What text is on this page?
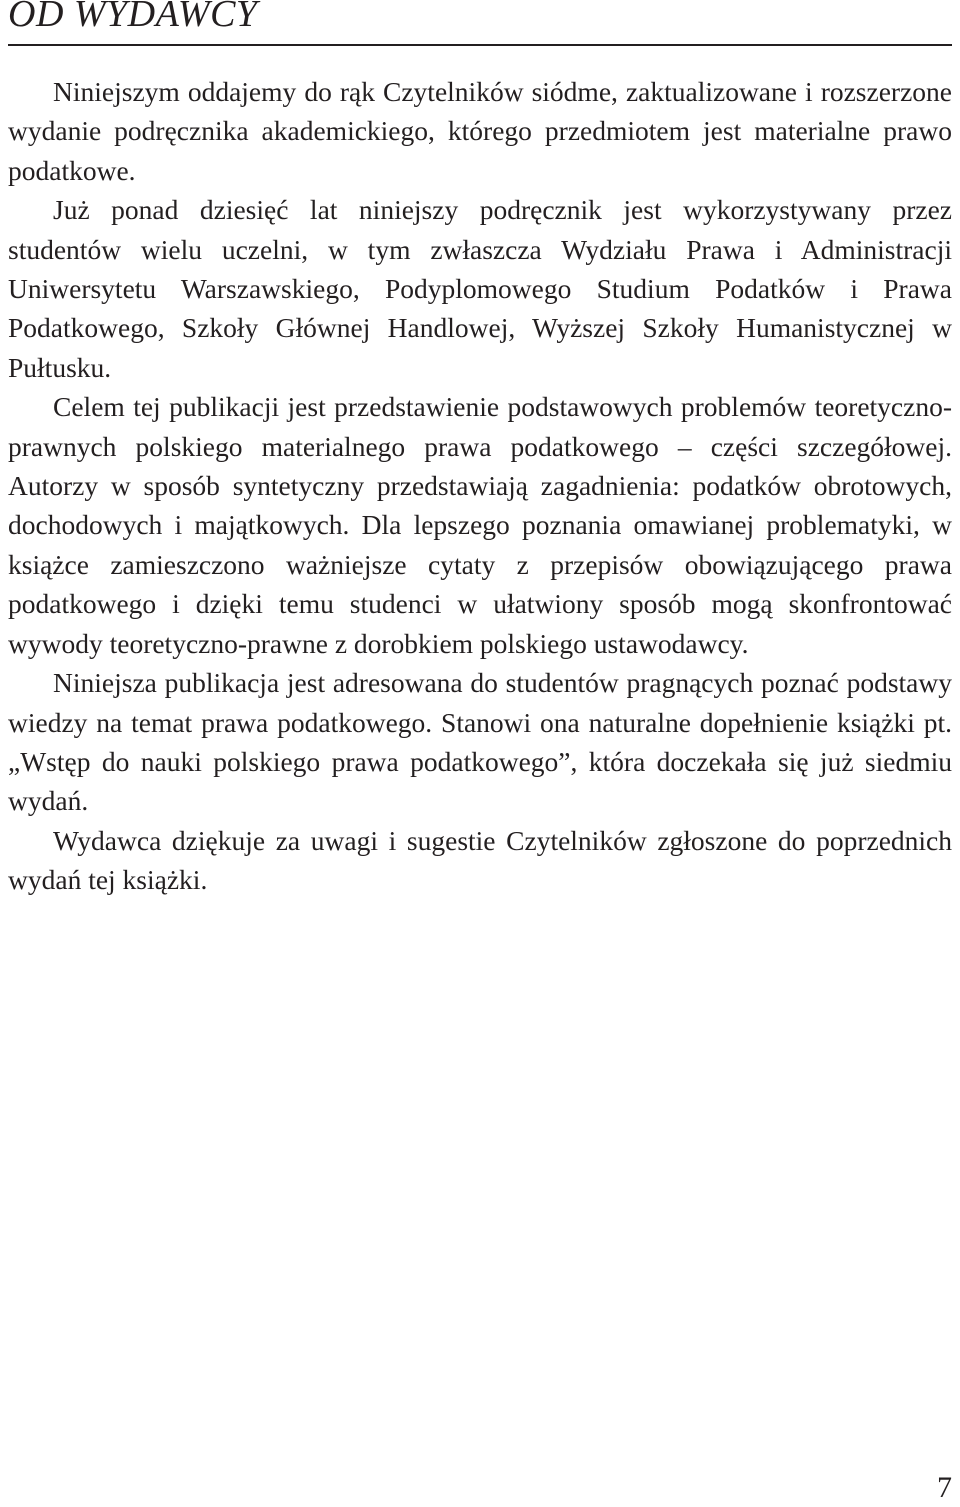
OD WYDAWCY

Niniejszym oddajemy do rąk Czytelników siódme, zaktualizowane i rozszerzone wydanie podręcznika akademickiego, którego przedmiotem jest materialne prawo podatkowe.

Już ponad dziesięć lat niniejszy podręcznik jest wykorzystywany przez studentów wielu uczelni, w tym zwłaszcza Wydziału Prawa i Administracji Uniwersytetu Warszawskiego, Podyplomowego Studium Podatków i Prawa Podatkowego, Szkoły Głównej Handlowej, Wyższej Szkoły Humanistycznej w Pułtusku.

Celem tej publikacji jest przedstawienie podstawowych problemów teoretyczno-prawnych polskiego materialnego prawa podatkowego – części szczegółowej. Autorzy w sposób syntetyczny przedstawiają zagadnienia: podatków obrotowych, dochodowych i majątkowych. Dla lepszego poznania omawianej problematyki, w książce zamieszczono ważniejsze cytaty z przepisów obowiązującego prawa podatkowego i dzięki temu studenci w ułatwiony sposób mogą skonfrontować wywody teoretyczno-prawne z dorobkiem polskiego ustawodawcy.

Niniejsza publikacja jest adresowana do studentów pragnących poznać podstawy wiedzy na temat prawa podatkowego. Stanowi ona naturalne dopełnienie książki pt. „Wstęp do nauki polskiego prawa podatkowego”, która doczekała się już siedmiu wydań.

Wydawca dziękuje za uwagi i sugestie Czytelników zgłoszone do poprzednich wydań tej książki.

7
